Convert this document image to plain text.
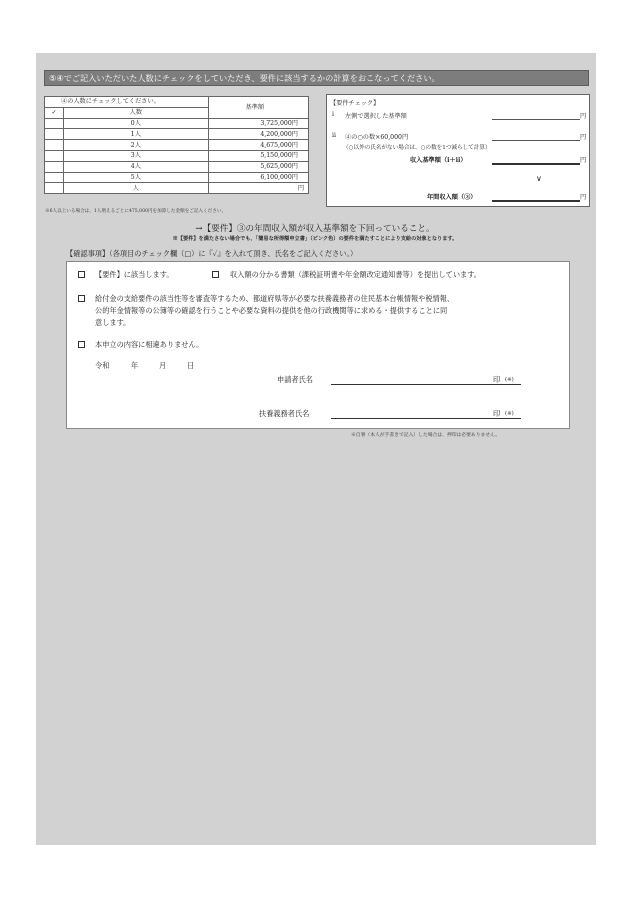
⑤④でご記入いただいた人数にチェックをしていただき、要件に該当するかの計算をおこなってください。
④の人数にチェックしてください。		基準額
✓	人数	
	0人	3,725,000円
	1人	4,200,000円
	2人	4,675,000円
	3人	5,150,000円
	4人	5,625,000円
	5人	6,100,000円
	人	円
※6人以上いる場合は、1人増えるごとに475,000円を加算した金額をご記入ください。
【要件チェック】
i 左側で選択した基準額	円
ii ④の○の数×60,000円	円
（○以外の氏名がない場合は、○の数を1つ減らして計算）
収入基準額（i＋ii）	円
∨
年間収入額（③）	円
→【要件】③の年間収入額が収入基準額を下回っていること。
※【要件】を満たさない場合でも、「簡易な所得額申立書」（ピンク色）の要件を満たすことにより支給の対象となります。
【確認事項】（各項目のチェック欄（□）に『✓』を入れて頂き、氏名をご記入ください。）
【要件】に該当します。	収入額の分かる書類（課税証明書や年金額改定通知書等）を提出しています。
給付金の支給要件の該当性等を審査等するため、都道府県等が必要な扶養義務者の住民基本台帳情報や税情報、
公的年金情報等の公簿等の確認を行うことや必要な資料の提供を他の行政機関等に求める・提供することに同
意します。
本申立の内容に相違ありません。
令和	年	月	日
申請者氏名	印 (※)
扶養義務者氏名	印 (※)
※自署（本人が手書きで記入）した場合は、押印は必要ありません。
